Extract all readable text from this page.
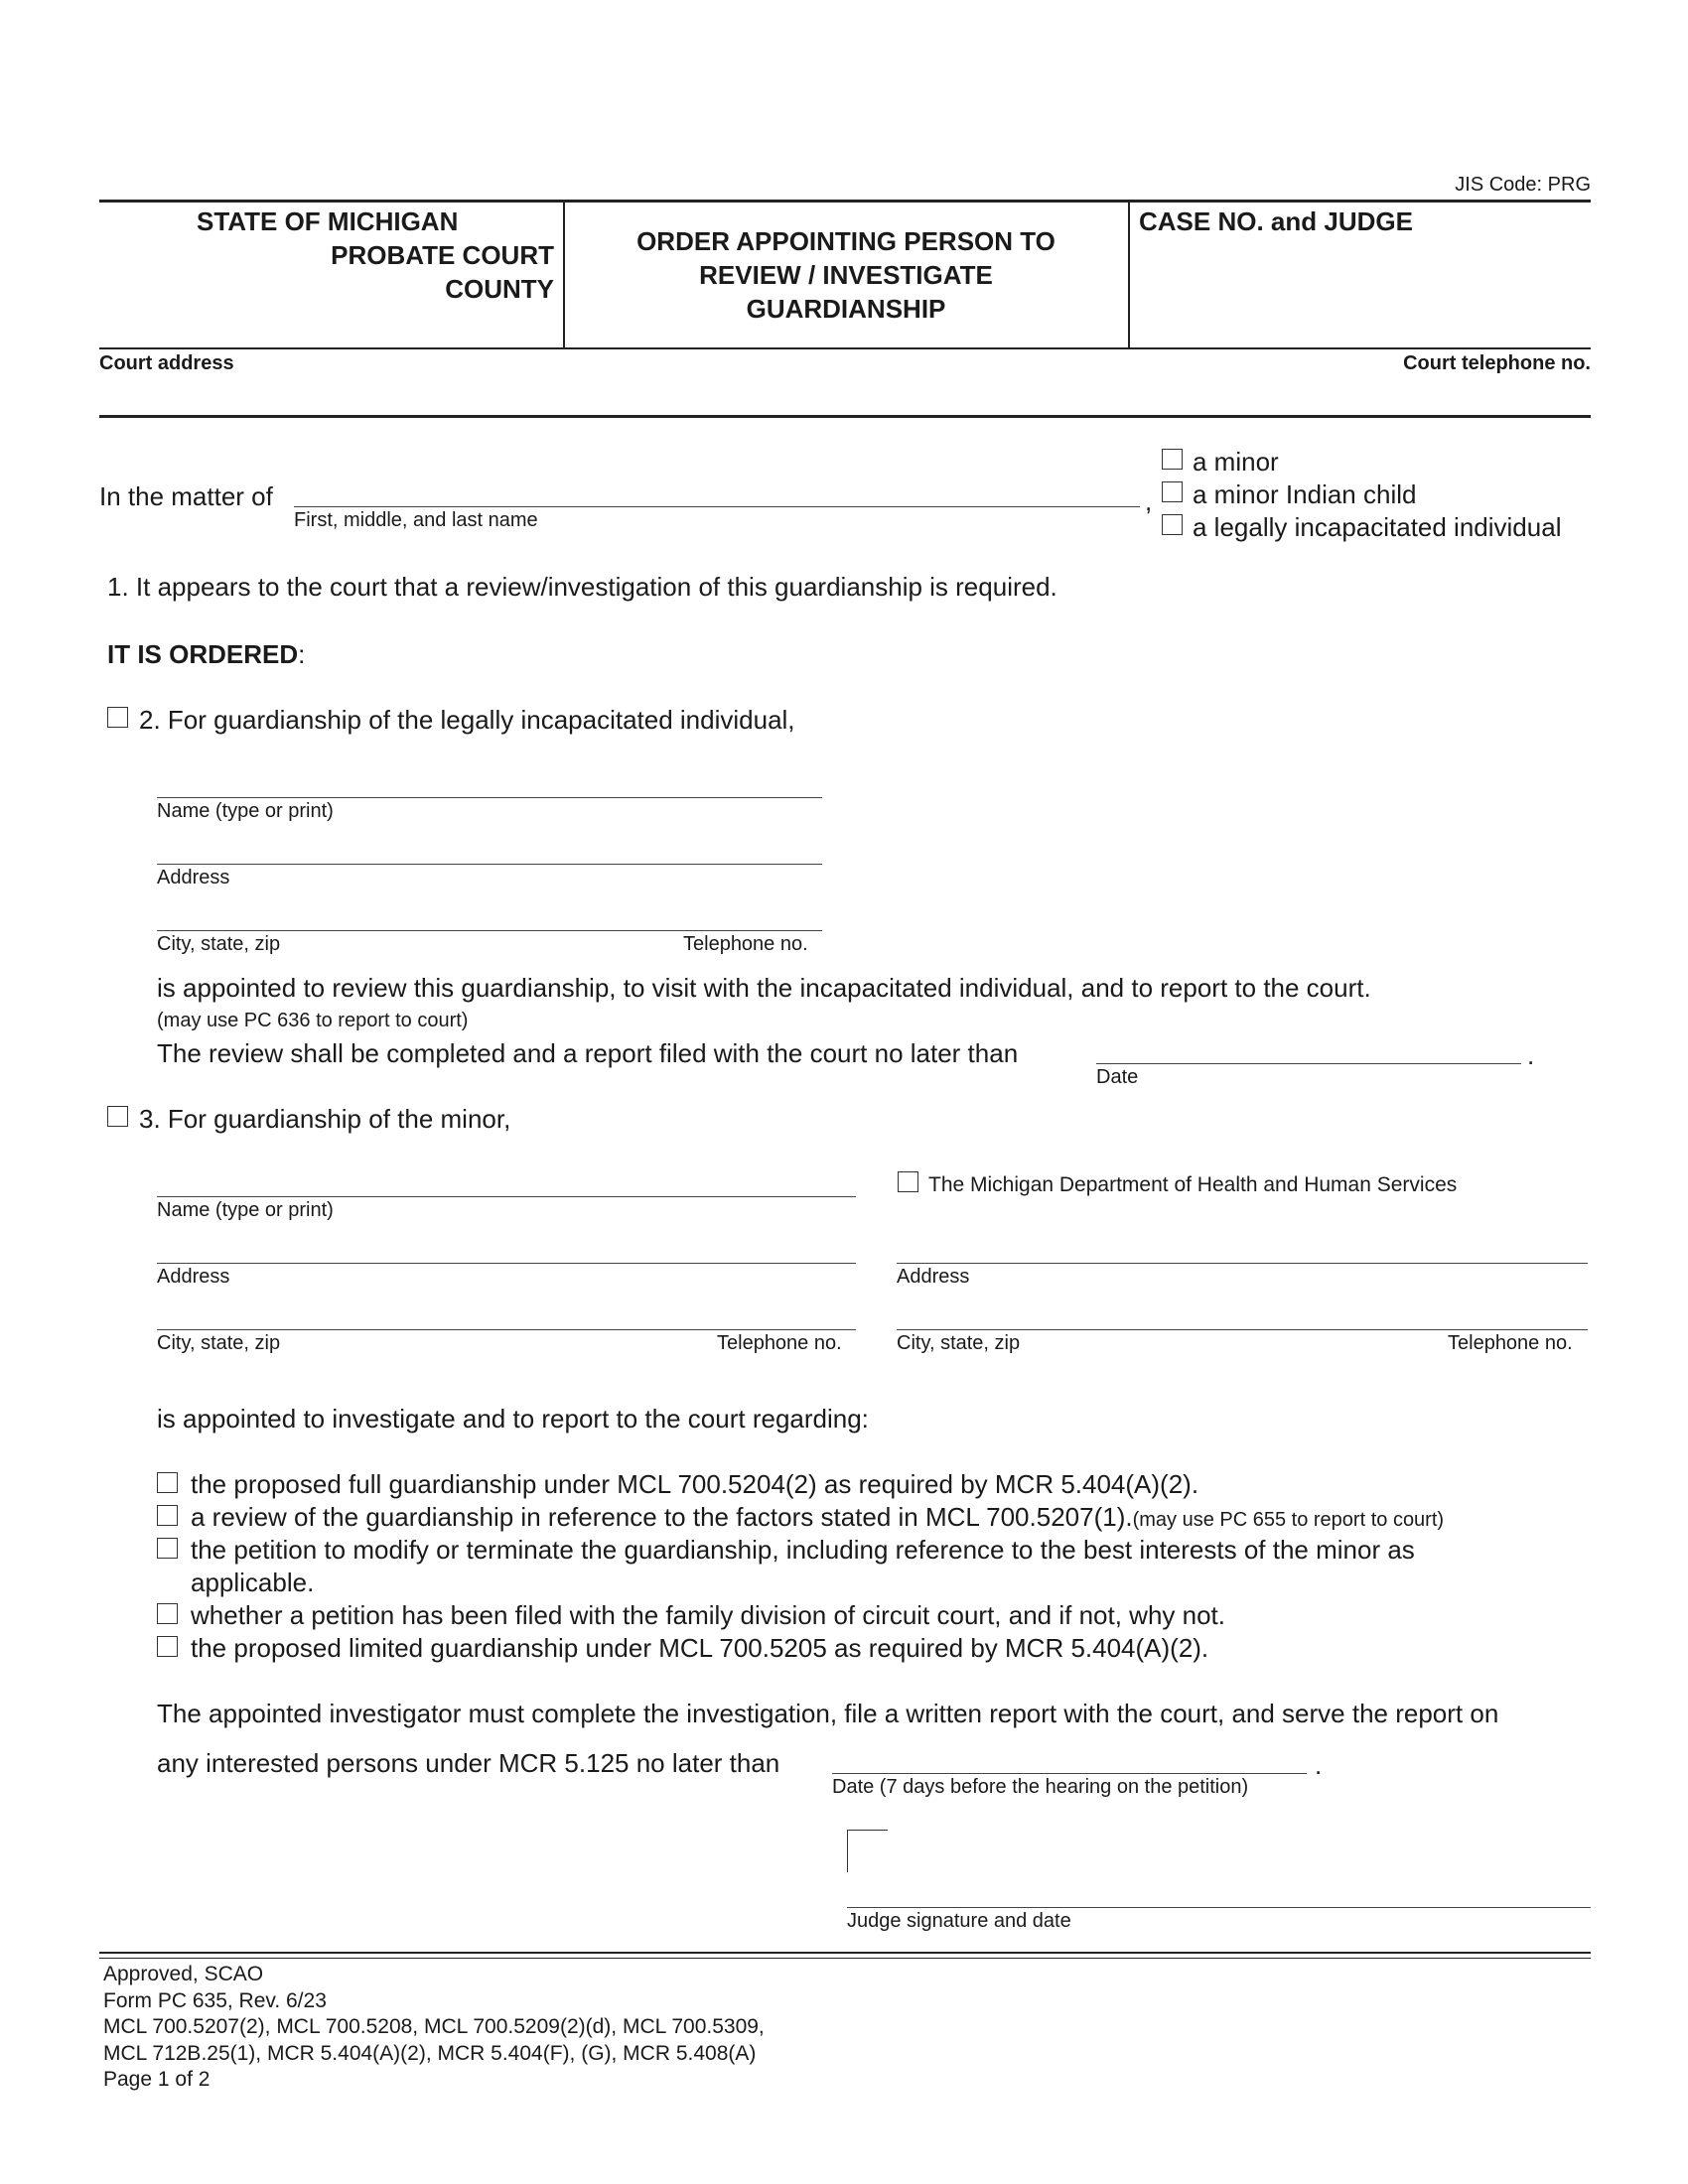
JIS Code: PRG
STATE OF MICHIGAN
PROBATE COURT
COUNTY
ORDER APPOINTING PERSON TO
REVIEW / INVESTIGATE
GUARDIANSHIP
CASE NO. and JUDGE
Court address	Court telephone no.
In the matter of
First, middle, and last name
,
a minor
a minor Indian child
a legally incapacitated individual
1. It appears to the court that a review/investigation of this guardianship is required.
IT IS ORDERED:
2. For guardianship of the legally incapacitated individual,
Name (type or print)
Address
City, state, zip	Telephone no.
is appointed to review this guardianship, to visit with the incapacitated individual, and to report to the court.
(may use PC 636 to report to court)
The review shall be completed and a report filed with the court no later than
Date
.
3. For guardianship of the minor,
Name (type or print)
Address
City, state, zip	Telephone no.
The Michigan Department of Health and Human Services
Address
City, state, zip	Telephone no.
is appointed to investigate and to report to the court regarding:
the proposed full guardianship under MCL 700.5204(2) as required by MCR 5.404(A)(2).
a review of the guardianship in reference to the factors stated in MCL 700.5207(1).(may use PC 655 to report to court)
the petition to modify or terminate the guardianship, including reference to the best interests of the minor as
applicable.
whether a petition has been filed with the family division of circuit court, and if not, why not.
the proposed limited guardianship under MCL 700.5205 as required by MCR 5.404(A)(2).
The appointed investigator must complete the investigation, file a written report with the court, and serve the report on
any interested persons under MCR 5.125 no later than
Date (7 days before the hearing on the petition)
.
Judge signature and date
Approved, SCAO
Form PC 635, Rev. 6/23
MCL 700.5207(2), MCL 700.5208, MCL 700.5209(2)(d), MCL 700.5309,
MCL 712B.25(1), MCR 5.404(A)(2), MCR 5.404(F), (G), MCR 5.408(A)
Page 1 of 2
